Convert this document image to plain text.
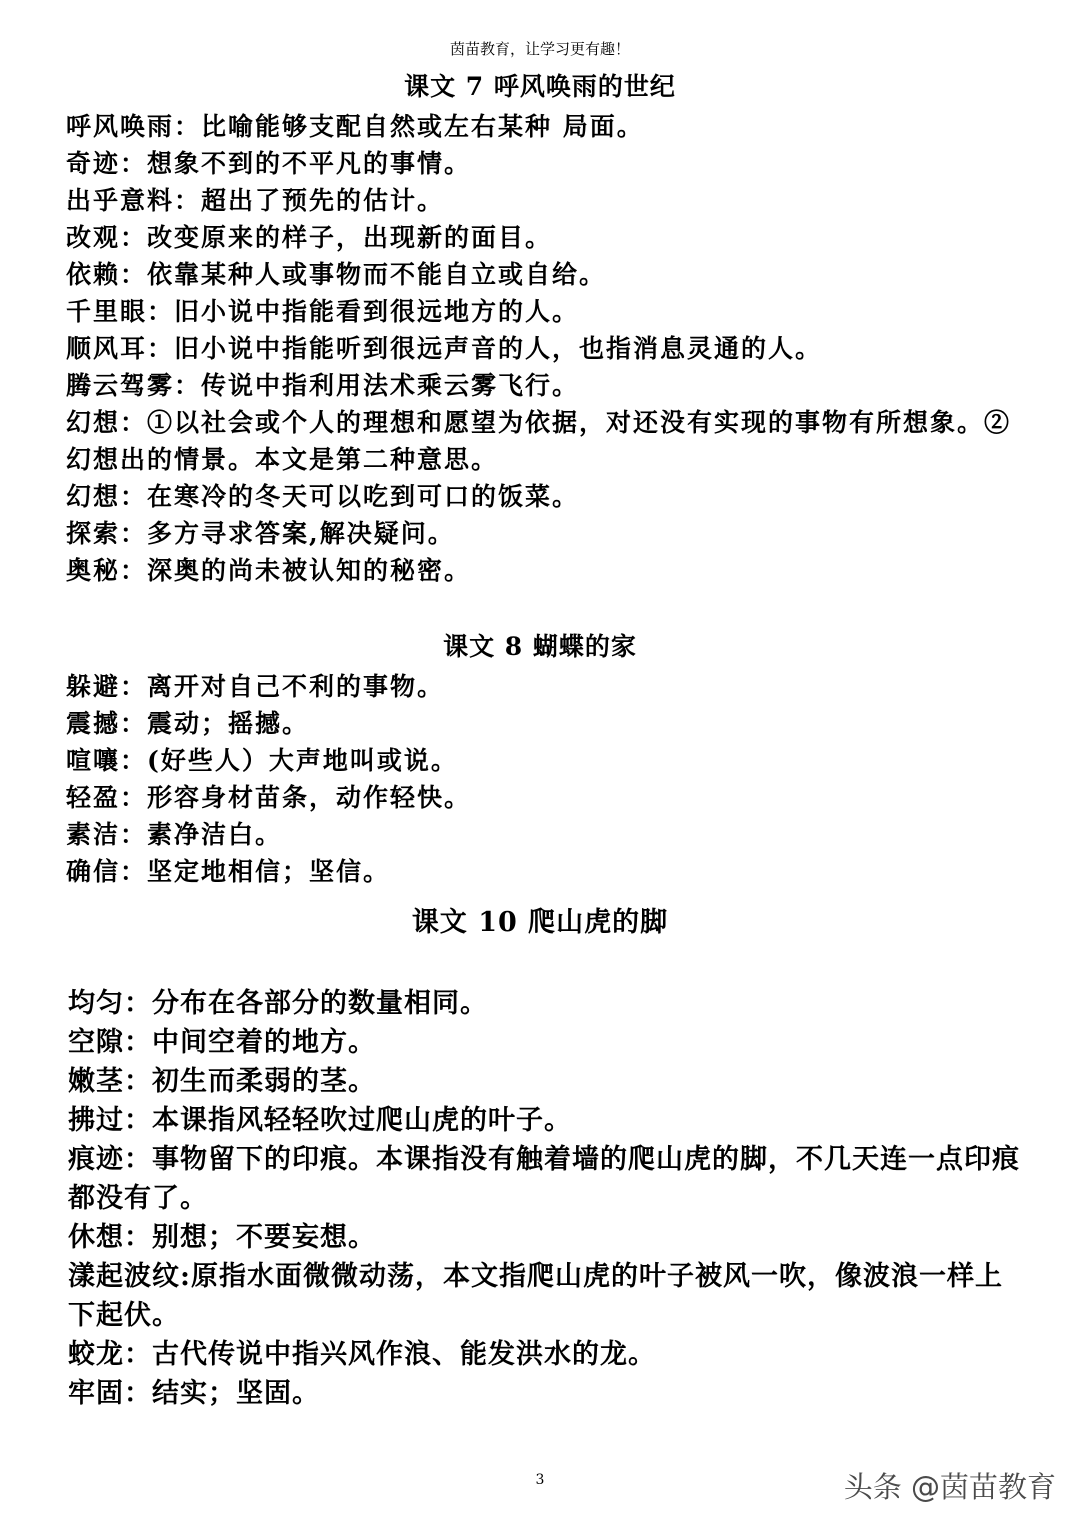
茵苗教育，让学习更有趣！
课文 7 呼风唤雨的世纪

呼风唤雨：比喻能够支配自然或左右某种 局面。

奇迹：想象不到的不平凡的事情。

出乎意料：超出了预先的估计。

改观：改变原来的样子，出现新的面目。

依赖：依靠某种人或事物而不能自立或自给。

千里眼：旧小说中指能看到很远地方的人。

顺风耳：旧小说中指能听到很远声音的人，也指消息灵通的人。

腾云驾雾：传说中指利用法术乘云雾飞行。

幻想：①以社会或个人的理想和愿望为依据，对还没有实现的事物有所想象。②幻想出的情景。本文是第二种意思。

幻想：在寒冷的冬天可以吃到可口的饭菜。

探索：多方寻求答案,解决疑问。

奥秘：深奥的尚未被认知的秘密。

课文 8 蝴蝶的家

躲避：离开对自己不利的事物。

震撼：震动；摇撼。

喧嚷：(好些人）大声地叫或说。

轻盈：形容身材苗条，动作轻快。

素洁：素净洁白。

确信：坚定地相信；坚信。

课文 10 爬山虎的脚

均匀：分布在各部分的数量相同。

空隙：中间空着的地方。

嫩茎：初生而柔弱的茎。

拂过：本课指风轻轻吹过爬山虎的叶子。

痕迹：事物留下的印痕。本课指没有触着墙的爬山虎的脚，不几天连一点印痕都没有了。

休想：别想；不要妄想。

漾起波纹:原指水面微微动荡，本文指爬山虎的叶子被风一吹，像波浪一样上下起伏。

蛟龙：古代传说中指兴风作浪、能发洪水的龙。

牢固：结实；坚固。

3	头条 @茵苗教育
